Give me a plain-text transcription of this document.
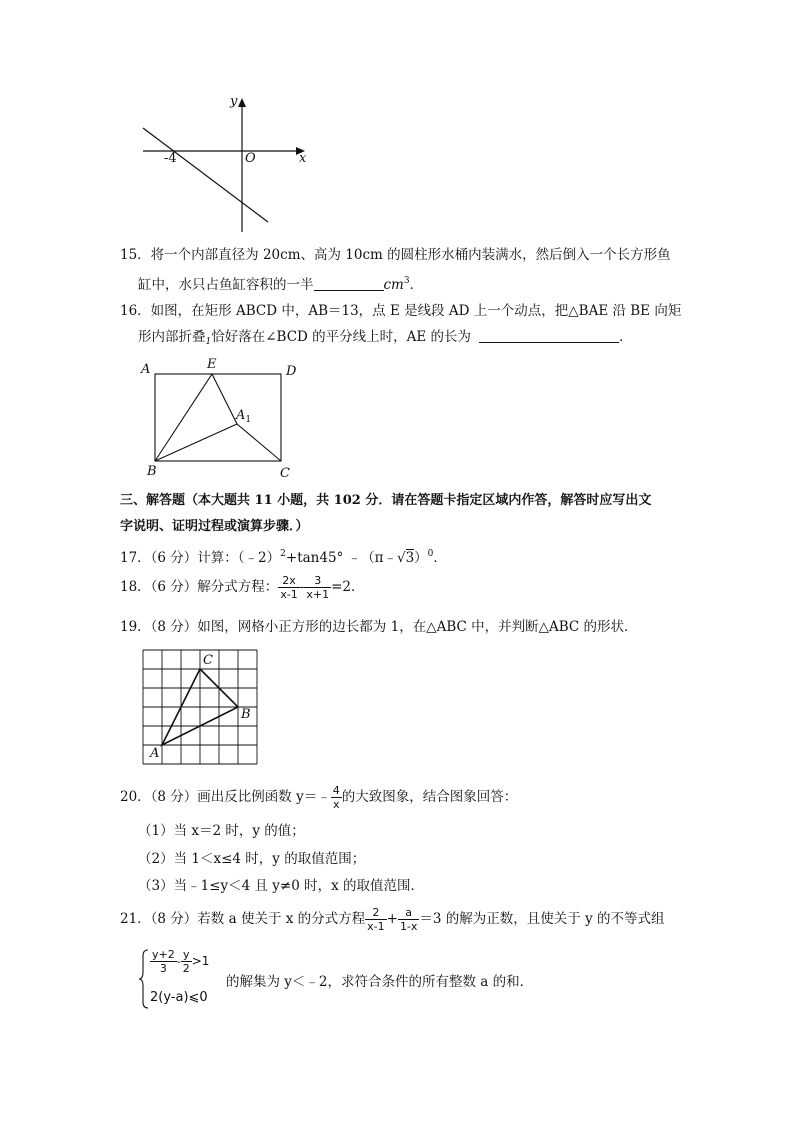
y
x
O
-4
15．将一个内部直径为 20cm、高为 10cm 的圆柱形水桶内装满水，然后倒入一个长方形鱼
缸中，水只占鱼缸容积的一半	$cm^3$．
16．如图，在矩形 ABCD 中，AB＝13，点 E 是线段 AD 上一个动点，把△BAE 沿 BE 向矩
形内部折叠$_1$恰好落在∠BCD 的平分线上时，AE 的长为	．
A	E	D
$A_1$
B	C
三、解答题（本大题共 11 小题，共 102 分．请在答题卡指定区域内作答，解答时应写出文
字说明、证明过程或演算步骤．）
17．（6 分）计算：（﹣2）$^2$+tan45° ﹣（π﹣√3）$^0$．
18．（6 分）解分式方程： $\frac{2x}{x-1} - \frac{3}{x+1} =2$．
19．（8 分）如图，网格小正方形的边长都为 1，在△ABC 中，并判断△ABC 的形状．
C
B
A
20．（8 分）画出反比例函数 y＝﹣ $\frac{4}{x}$ 的大致图象，结合图象回答：
（1）当 x＝2 时，y 的值；
（2）当 1＜x≤4 时，y 的取值范围；
（3）当﹣1≤y＜4 且 y≠0 时，x 的取值范围．
21．（8 分）若数 a 使关于 x 的分式方程 $\frac{2}{x-1} + \frac{a}{1-x} =3$ 的解为正数，且使关于 y 的不等式组
$\frac{y+2}{3} - \frac{y}{2} >1$
的解集为 y＜﹣2，求符合条件的所有整数 a 的和．
2(y-a)⩽0
